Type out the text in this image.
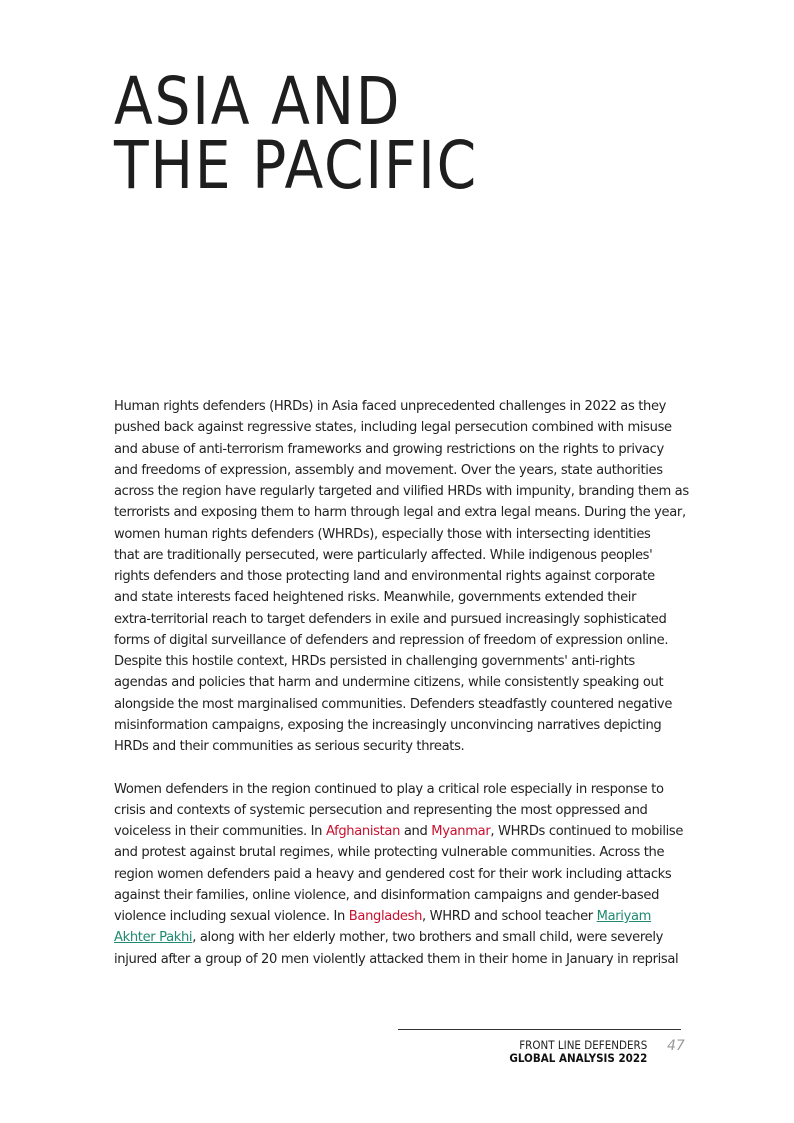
ASIA AND
THE PACIFIC

Human rights defenders (HRDs) in Asia faced unprecedented challenges in 2022 as they
pushed back against regressive states, including legal persecution combined with misuse
and abuse of anti-terrorism frameworks and growing restrictions on the rights to privacy
and freedoms of expression, assembly and movement. Over the years, state authorities
across the region have regularly targeted and vilified HRDs with impunity, branding them as
terrorists and exposing them to harm through legal and extra legal means. During the year,
women human rights defenders (WHRDs), especially those with intersecting identities
that are traditionally persecuted, were particularly affected. While indigenous peoples'
rights defenders and those protecting land and environmental rights against corporate
and state interests faced heightened risks. Meanwhile, governments extended their
extra-territorial reach to target defenders in exile and pursued increasingly sophisticated
forms of digital surveillance of defenders and repression of freedom of expression online.
Despite this hostile context, HRDs persisted in challenging governments' anti-rights
agendas and policies that harm and undermine citizens, while consistently speaking out
alongside the most marginalised communities. Defenders steadfastly countered negative
misinformation campaigns, exposing the increasingly unconvincing narratives depicting
HRDs and their communities as serious security threats.

Women defenders in the region continued to play a critical role especially in response to
crisis and contexts of systemic persecution and representing the most oppressed and
voiceless in their communities. In Afghanistan and Myanmar, WHRDs continued to mobilise
and protest against brutal regimes, while protecting vulnerable communities. Across the
region women defenders paid a heavy and gendered cost for their work including attacks
against their families, online violence, and disinformation campaigns and gender-based
violence including sexual violence. In Bangladesh, WHRD and school teacher Mariyam
Akhter Pakhi, along with her elderly mother, two brothers and small child, were severely
injured after a group of 20 men violently attacked them in their home in January in reprisal

FRONT LINE DEFENDERS
GLOBAL ANALYSIS 2022
47
